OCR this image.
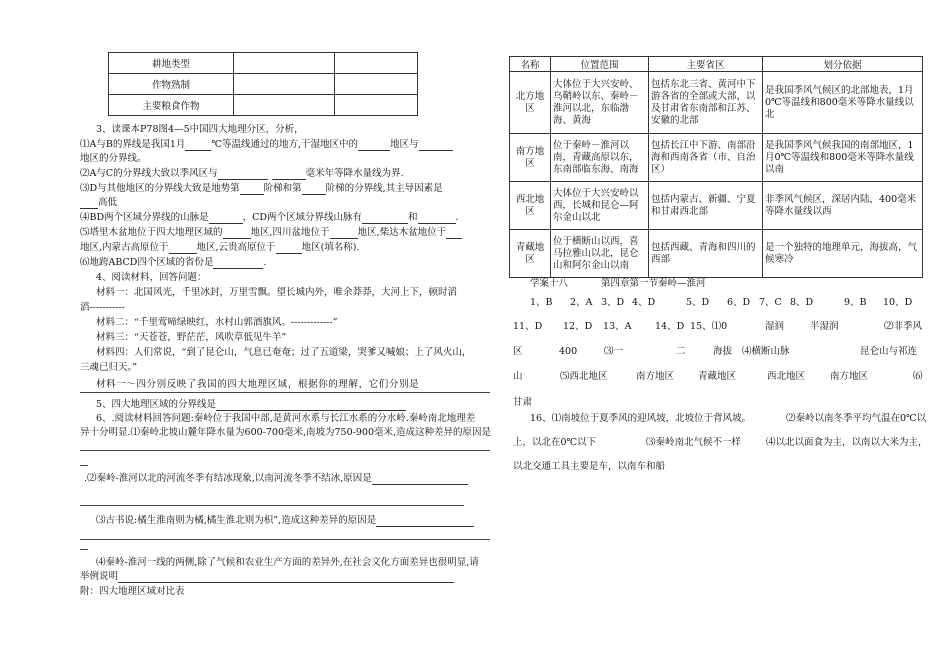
耕地类型		
作物熟制		
主要粮食作物		
3、读课本P78图4—5中国四大地理分区，分析，
⑴A与B的界线是我国1月	℃等温线通过的地方,干湿地区中的	地区与
地区的分界线。
⑵A与C的分界线大致以季风区与	毫米年等降水量线为界.
⑶D与其他地区的分界线大致是地势第	阶梯和第	阶梯的分界线,其主导因素是
高低
⑷BD两个区域分界线的山脉是	，CD两个区域分界线山脉有	和	.
⑸塔里木盆地位于四大地理区域的	地区,四川盆地位于	地区,柴达木盆地位于
地区,内蒙古高原位于	地区,云贵高原位于	地区(填名称).
⑹地跨ABCD四个区域的省份是	.
4、阅读材料，回答问题：
材料一：北国风光，千里冰封，万里雪飘。望长城内外，唯余莽莽，大河上下，顿时滔
滔-----------
材料二：“千里莺啼绿映红，水村山郭酒旗风。-------------”
材料三：“天苍苍，野茫茫，风吹草低见牛羊”
材料四：人们常说，“到了昆仑山，气息已奄奄；过了五道梁，哭爹又喊娘；上了风火山，
三魂已归天。”
材料一～四分别反映了我国的四大地理区域，根据你的理解，它们分别是
5、四大地理区域的分界线是
6、.阅读材料回答问题:秦岭位于我国中部,是黄河水系与长江水系的分水岭.秦岭南北地理差
异十分明显.⑴秦岭北坡山麓年降水量为600-700毫米,南坡为750-900毫米,造成这种差异的原因是
.⑵秦岭-淮河以北的河流冬季有结冰现象,以南河流冬季不结冰,原因是
⑶古书说:橘生淮南则为橘,橘生淮北则为枳”,造成这种差异的原因是
⑷秦岭-淮河一线的两侧,除了气候和农业生产方面的差异外,在社会文化方面差异也很明显,请
举例说明
附：四大地理区域对比表
名称	位置范围	主要省区	划分依据
北方地区	大体位于大兴安岭、乌鞘岭以东、秦岭－淮河以北，东临渤海、黄海	包括东北三省、黄河中下游各省的全部或大部，以及甘肃省东南部和江苏、安徽的北部	是我国季风气候区的北部地表，1月0℃等温线和800毫米等降水量线以北
南方地区	位于秦岭－淮河以南，青藏高原以东，东南部临东海、南海	包括长江中下游、南部沿海和西南各省（市、自治区）	是我国季风气候我国的南部地区，1月0℃等温线和800毫米等降水量线以南
西北地区	大体位于大兴安岭以西，长城和昆仑—阿尔金山以北	包括内蒙古、新疆、宁夏和甘肃西北部	非季风气候区，深居内陆，400毫米等降水量线以西
青藏地区	位于横断山以西，喜马拉雅山以北，昆仑山和阿尔金山以南	包括西藏、青海和四川的西部	是一个独特的地理单元，海拔高，气候寒冷
学案十八	第四章第一节秦岭—淮河
1、B 2、A 3、D 4、D	5、D 6、D 7、C 8、D	9、B 10、D
11、D 12、D 13、A 14、D 15、⑴0	湿润	半湿润	⑵非季风
区	400	⑶一	二	海拔 ⑷横断山脉	昆仑山与祁连
山	⑸西北地区	南方地区	青藏地区	西北地区	南方地区	⑹
甘肃
16、⑴南坡位于夏季风的迎风坡，北坡位于背风坡。	⑵秦岭以南冬季平均气温在0℃以
上，以北在0℃以下	⑶秦岭南北气候不一样	⑷以北以面食为主，以南以大米为主，
以北交通工具主要是车，以南车和船
